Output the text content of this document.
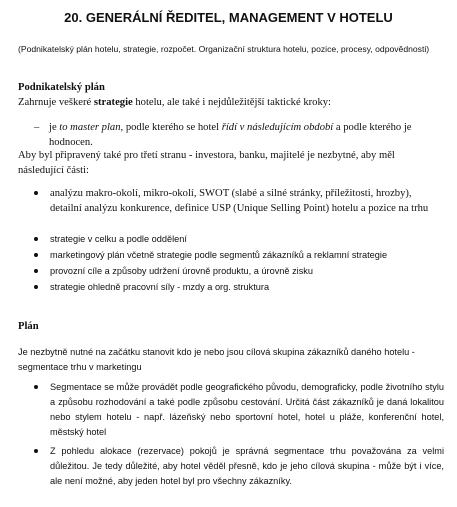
20. GENERÁLNÍ ŘEDITEL, MANAGEMENT V HOTELU
(Podnikatelský plán hotelu, strategie, rozpočet. Organizační struktura hotelu, pozice, procesy, odpovědnosti)
Podnikatelský plán
Zahrnuje veškeré strategie hotelu, ale také i nejdůležitější taktické kroky:
– je to master plan, podle kterého se hotel řídí v následujícím období a podle kterého je hodnocen.
Aby byl připravený také pro třetí stranu - investora, banku, majitelé je nezbytné, aby měl následující části:
analýzu makro-okolí, mikro-okolí, SWOT (slabé a silné stránky, příležitosti, hrozby), detailní analýzu konkurence, definice USP (Unique Selling Point) hotelu a pozice na trhu
strategie v celku a podle oddělení
marketingový plán včetně strategie podle segmentů zákazníků a reklamní strategie
provozní cíle a způsoby udržení úrovně produktu, a úrovně zisku
strategie ohledně pracovní síly - mzdy a org. struktura
Plán
Je nezbytně nutné na začátku stanovit kdo je nebo jsou cílová skupina zákazníků daného hotelu - segmentace trhu v marketingu
Segmentace se může provádět podle geografického původu, demograficky, podle životního stylu a způsobu rozhodování a také podle způsobu cestování. Určitá část zákazníků je daná lokalitou nebo stylem hotelu - např. lázeňský nebo sportovní hotel, hotel u pláže, konferenční hotel, městský hotel
Z pohledu alokace (rezervace) pokojů je správná segmentace trhu považována za velmi důležitou. Je tedy důležité, aby hotel věděl přesně, kdo je jeho cílová skupina - může být i více, ale není možné, aby jeden hotel byl pro všechny zákazníky.
